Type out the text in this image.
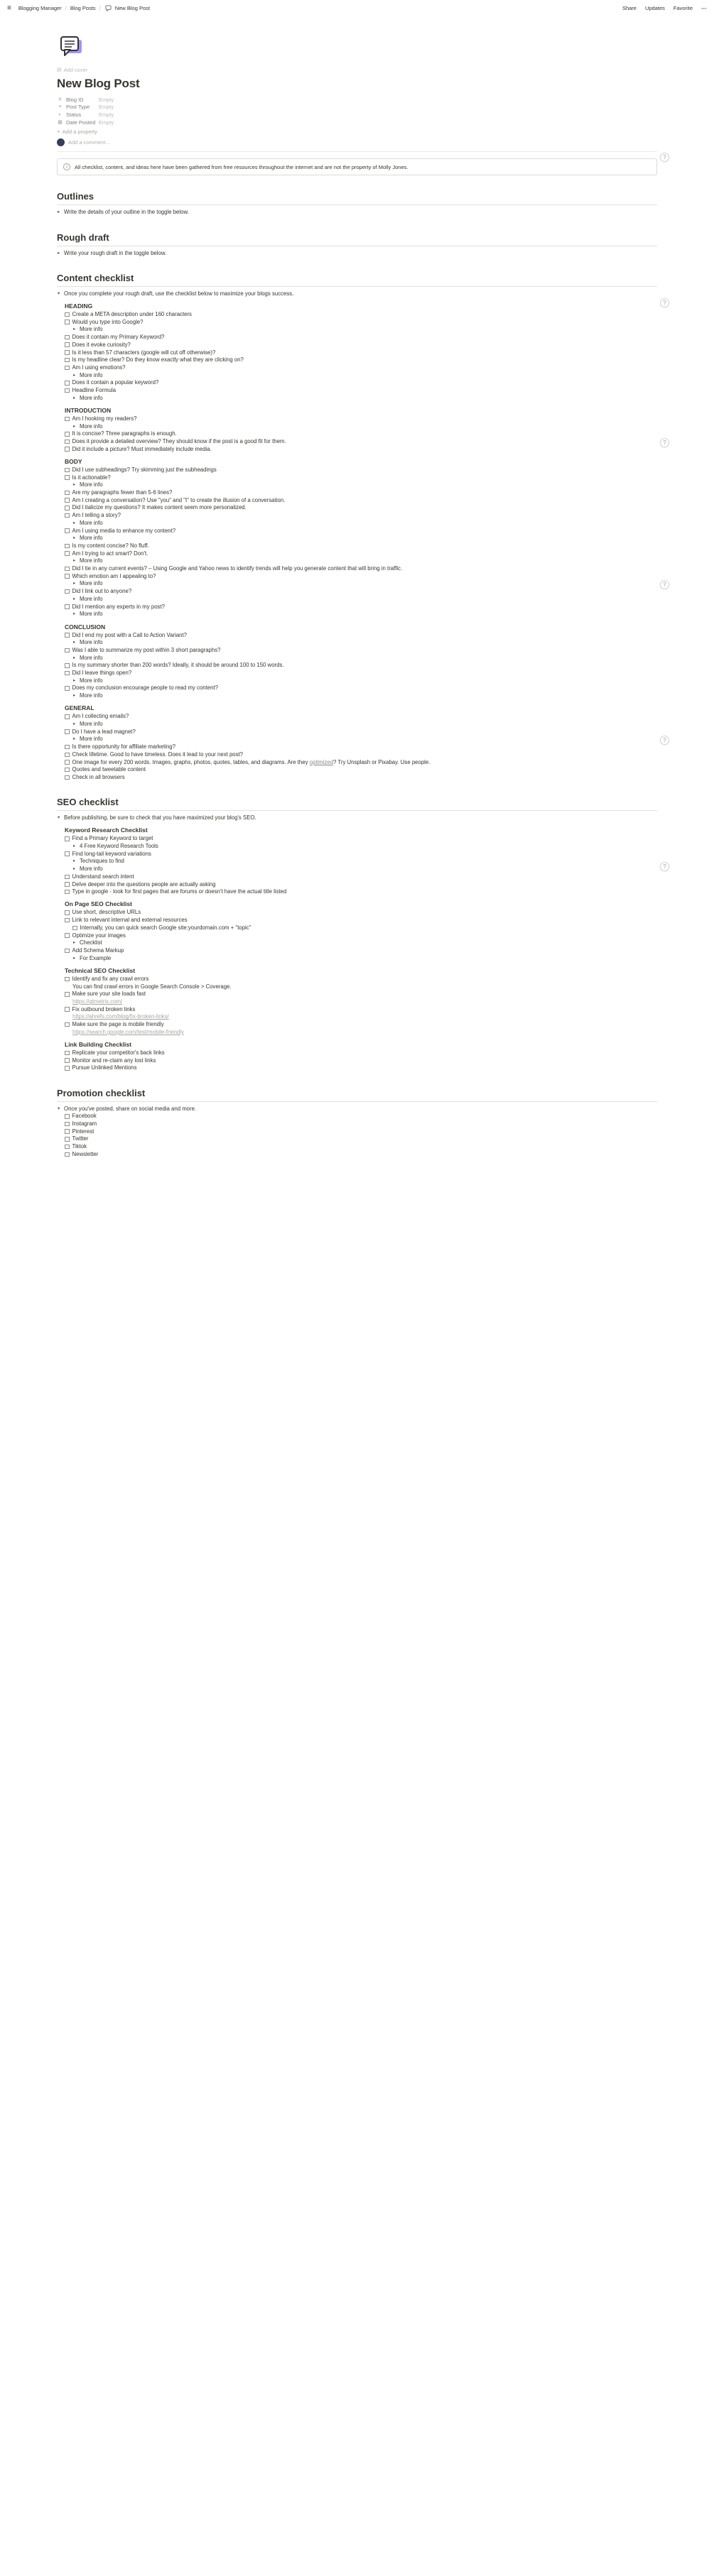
≡ Blogging Manager / Blog Posts /	New Blog Post	Share Updates Favorite ⋯
▤ Add cover
New Blog Post
# Blog ID	Empty
≡ Post Type	Empty
◐ Status	Empty
▦ Date Posted Empty
+ Add a property
Add a comment…
i	All checklist, content, and ideas here have been gathered from free resources throughout the internet and are not the property of Molly Jones.
Outlines
▸ Write the details of your outline in the toggle below.
Rough draft
▸ Write your rough draft in the toggle below.
Content checklist
▾ Once you complete your rough draft, use the checklist below to maximize your blogs success.
HEADING
Create a META description under 160 characters
Would you type into Google?
▸ More info
Does it contain my Primary Keyword?
Does it evoke curiosity?
Is it less than 57 characters (google will cut off otherwise)?
Is my headline clear? Do they know exactly what they are clicking on?
Am I using emotions?
▸ More info
Does it contain a popular keyword?
Headline Formula
▸ More info
INTRODUCTION
Am I hooking my readers?
▸ More info
It is concise? Three paragraphs is enough.
Does it provide a detailed overview? They should know if the post is a good fit for them.
Did it include a picture? Must immediately include media.
BODY
Did I use subheadings? Try skimming just the subheadings
Is it actionable?
▸ More info
Are my paragraphs fewer than 5-6 lines?
Am I creating a conversation? Use "you" and "I" to create the illusion of a conversation.
Did I italicize my questions? It makes content seem more personalized.
Am I telling a story?
▸ More info
Am I using media to enhance my content?
▸ More info
Is my content concise? No fluff.
Am I trying to act smart? Don't.
▸ More info
Did I tie in any current events? – Using Google and Yahoo news to identify trends will help you generate content that will bring in traffic.
Which emotion am I appealing to?
▸ More info
Did I link out to anyone?
▸ More info
Did I mention any experts in my post?
▸ More info
CONCLUSION
Did I end my post with a Call to Action Variant?
▸ More info
Was I able to summarize my post within 3 short paragraphs?
▸ More info
Is my summary shorter than 200 words? Ideally, it should be around 100 to 150 words.
Did I leave things open?
▸ More info
Does my conclusion encourage people to read my content?
▸ More info
GENERAL
Am I collecting emails?
▸ More info
Do I have a lead magnet?
▸ More info
Is there opportunity for affiliate marketing?
Check lifetime. Good to have timeless. Does it lead to your next post?
One image for every 200 words. Images, graphs, photos, quotes, tables, and diagrams. Are they optimized? Try Unsplash or Pixabay. Use people.
Quotes and tweetable content
Check in all browsers
SEO checklist
▾ Before publishing, be sure to check that you have maximized your blog's SEO.
Keyword Research Checklist
Find a Primary Keyword to target
▸ 4 Free Keyword Research Tools
Find long-tail keyword variations
▸ Techniques to find
▸ More info
Understand search intent
Delve deeper into the questions people are actually asking
Type in google - look for first pages that are forums or doesn't have the actual title listed
On Page SEO Checklist
Use short, descriptive URLs
Link to relevant internal and external resources
Internally, you can quick search Google site:yourdomain.com + "topic"
Optimize your images
▸ Checklist
Add Schema Markup
▸ For Example
Technical SEO Checklist
Identify and fix any crawl errors
You can find crawl errors in Google Search Console > Coverage.
Make sure your site loads fast
https://gtmetrix.com/
Fix outbound broken links
https://ahrefs.com/blog/fix-broken-links/
Make sure the page is mobile friendly
https://search.google.com/test/mobile-friendly
Link Building Checklist
Replicate your competitor's back links
Monitor and re-claim any lost links
Pursue Unlinked Mentions
Promotion checklist
▾ Once you've posted, share on social media and more.
Facebook
Instagram
Pinterest
Twitter
Tiktok
Newsletter
?
?
?
?
?
?
